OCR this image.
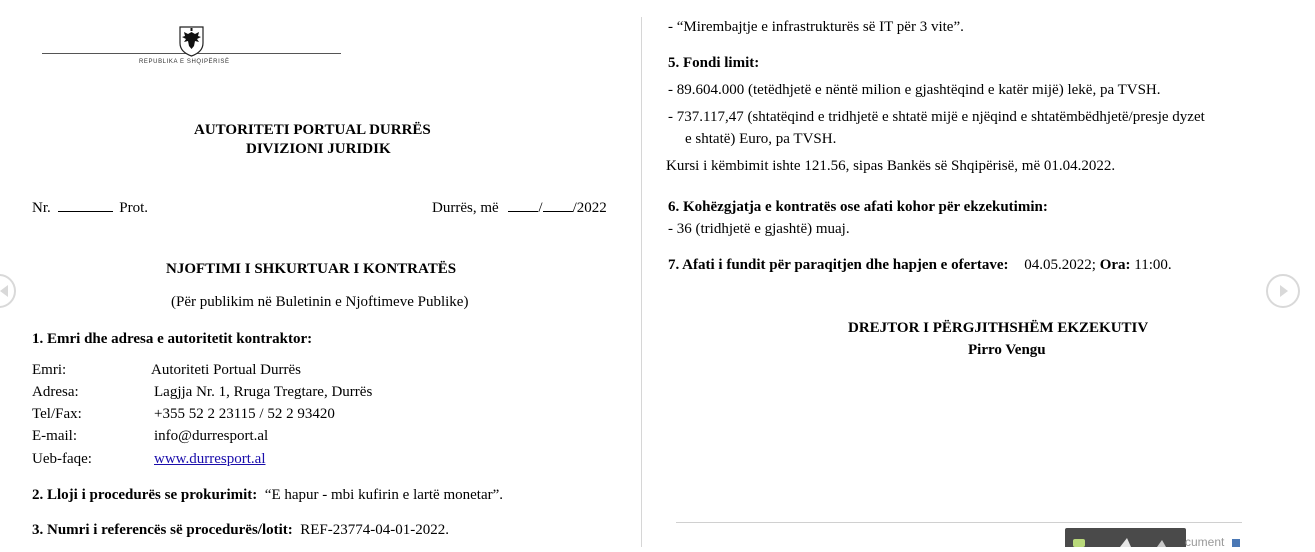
REPUBLIKA E SHQIPËRISË
AUTORITETI PORTUAL DURRËS
DIVIZIONI JURIDIK
Nr.	Prot.	Durrës, më	/ /2022
NJOFTIMI I SHKURTUAR I KONTRATËS
(Për publikim në Buletinin e Njoftimeve Publike)
1. Emri dhe adresa e autoritetit kontraktor:
Emri:	Autoriteti Portual Durrës
Adresa:	Lagjja Nr. 1, Rruga Tregtare, Durrës
Tel/Fax:	+355 52 2 23115 / 52 2 93420
E-mail:	info@durresport.al
Ueb-faqe:	www.durresport.al
2. Lloji i procedurës se prokurimit: “E hapur - mbi kufirin e lartë monetar”.
3. Numri i referencës së procedurës/lotit: REF-23774-04-01-2022.
- “Mirembajtje e infrastrukturës së IT për 3 vite”.
5. Fondi limit:
- 89.604.000 (tetëdhjetë e nëntë milion e gjashtëqind e katër mijë) lekë, pa TVSH.
- 737.117,47 (shtatëqind e tridhjetë e shtatë mijë e njëqind e shtatëmbëdhjetë/presje dyzet
e shtatë) Euro, pa TVSH.
Kursi i këmbimit ishte 121.56, sipas Bankës së Shqipërisë, më 01.04.2022.
6. Kohëzgjatja e kontratës ose afati kohor për ekzekutimin:
- 36 (tridhjetë e gjashtë) muaj.
7. Afati i fundit për paraqitjen dhe hapjen e ofertave: 04.05.2022; Ora: 11:00.
DREJTOR I PËRGJITHSHËM EKZEKUTIV
Pirro Vengu
cument
